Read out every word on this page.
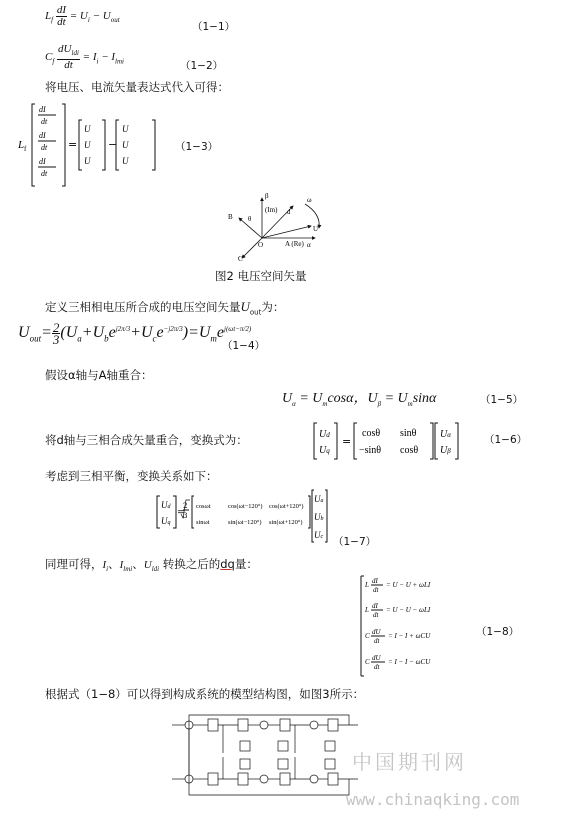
$L_f \frac{dI}{dt} = U_i - U_{out}$
（1−1）
$C_f \frac{dU_{ldi}}{dt} = I_i - I_{lmi}$	（1−2）
将电压、电流矢量表达式代入可得：
L f
dI
dt
dI
dt
dI
dt
=
U
U
U
−
U
U
U
（1−3）
β
(Im)
B θ
ω
d
O	A (Re) α
C
U
图2 电压空间矢量
定义三相相电压所合成的电压空间矢量$U_{out}$为：
$U_{out}= \frac{2}{3} (U_a+U_be^{j2\pi/3}+U_ce^{-j2\pi/3})=U_me^{j(\omega t-\pi/2)}$
（1−4）
假设α轴与A轴重合：
$U_\alpha = U_m\cos\alpha$，$U_\beta = U_m\sin\alpha$	（1−5）
将d轴与三相合成矢量重合，变换式为：	Ud
Uq
=
cosθ sinθ
−sinθ cosθ
Uα
Uβ
（1−6）
考虑到三相平衡，变换关系如下：
Ud
Uq
=
2
3
cosωt	cos(ωt−120°) cos(ωt+120°)
sinωt	sin(ωt−120°) sin(ωt+120°)
Ua
Ub
Uc （1−7）
同理可得，$I_i$、$I_{lmi}$、$U_{ldi}$ 转换之后的dq量：
L dI
dt
= U − U + ωLI
L dI
dt
= U − U − ωLI
C dU
dt
= I − I + ωCU
C dU
dt
= I − I − ωCU
（1−8）
根据式（1−8）可以得到构成系统的模型结构图，如图3所示：
中国期刊网
www.chinaqking.com
